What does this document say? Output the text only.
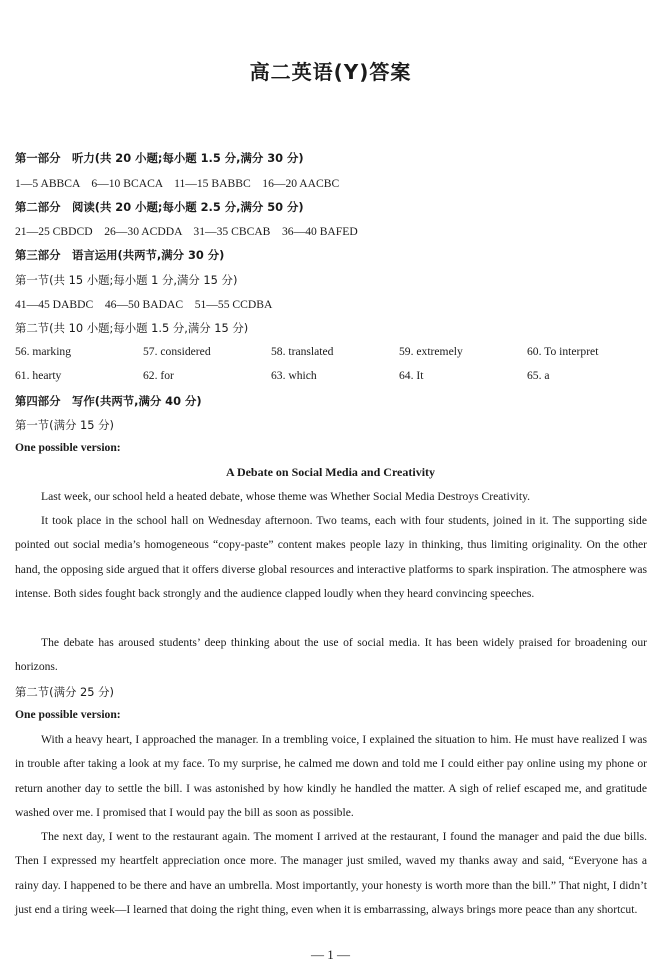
高二英语(Y)答案
第一部分　听力(共 20 小题;每小题 1.5 分,满分 30 分)
1—5 ABBCA　6—10 BCACA　11—15 BABBC　16—20 AACBC
第二部分　阅读(共 20 小题;每小题 2.5 分,满分 50 分)
21—25 CBDCD　26—30 ACDDA　31—35 CBCAB　36—40 BAFED
第三部分　语言运用(共两节,满分 30 分)
第一节(共 15 小题;每小题 1 分,满分 15 分)
41—45 DABDC　46—50 BADAC　51—55 CCDBA
第二节(共 10 小题;每小题 1.5 分,满分 15 分)
56. marking	57. considered	58. translated	59. extremely	60. To interpret
61. hearty	62. for	63. which	64. It	65. a
第四部分　写作(共两节,满分 40 分)
第一节(满分 15 分)
One possible version:
A Debate on Social Media and Creativity

Last week, our school held a heated debate, whose theme was Whether Social Media Destroys Creativity.

It took place in the school hall on Wednesday afternoon. Two teams, each with four students, joined in it. The supporting side pointed out social media’s homogeneous “copy-paste” content makes people lazy in thinking, thus limiting originality. On the other hand, the opposing side argued that it offers diverse global resources and interactive platforms to spark inspiration. The atmosphere was intense. Both sides fought back strongly and the audience clapped loudly when they heard convincing speeches.

The debate has aroused students’ deep thinking about the use of social media. It has been widely praised for broadening our horizons.

第二节(满分 25 分)
One possible version:

With a heavy heart, I approached the manager. In a trembling voice, I explained the situation to him. He must have realized I was in trouble after taking a look at my face. To my surprise, he calmed me down and told me I could either pay online using my phone or return another day to settle the bill. I was astonished by how kindly he handled the matter. A sigh of relief escaped me, and gratitude washed over me. I promised that I would pay the bill as soon as possible.

The next day, I went to the restaurant again. The moment I arrived at the restaurant, I found the manager and paid the due bills. Then I expressed my heartfelt appreciation once more. The manager just smiled, waved my thanks away and said, “Everyone has a rainy day. I happened to be there and have an umbrella. Most importantly, your honesty is worth more than the bill.” That night, I didn’t just end a tiring week—I learned that doing the right thing, even when it is embarrassing, always brings more peace than any shortcut.

— 1 —
